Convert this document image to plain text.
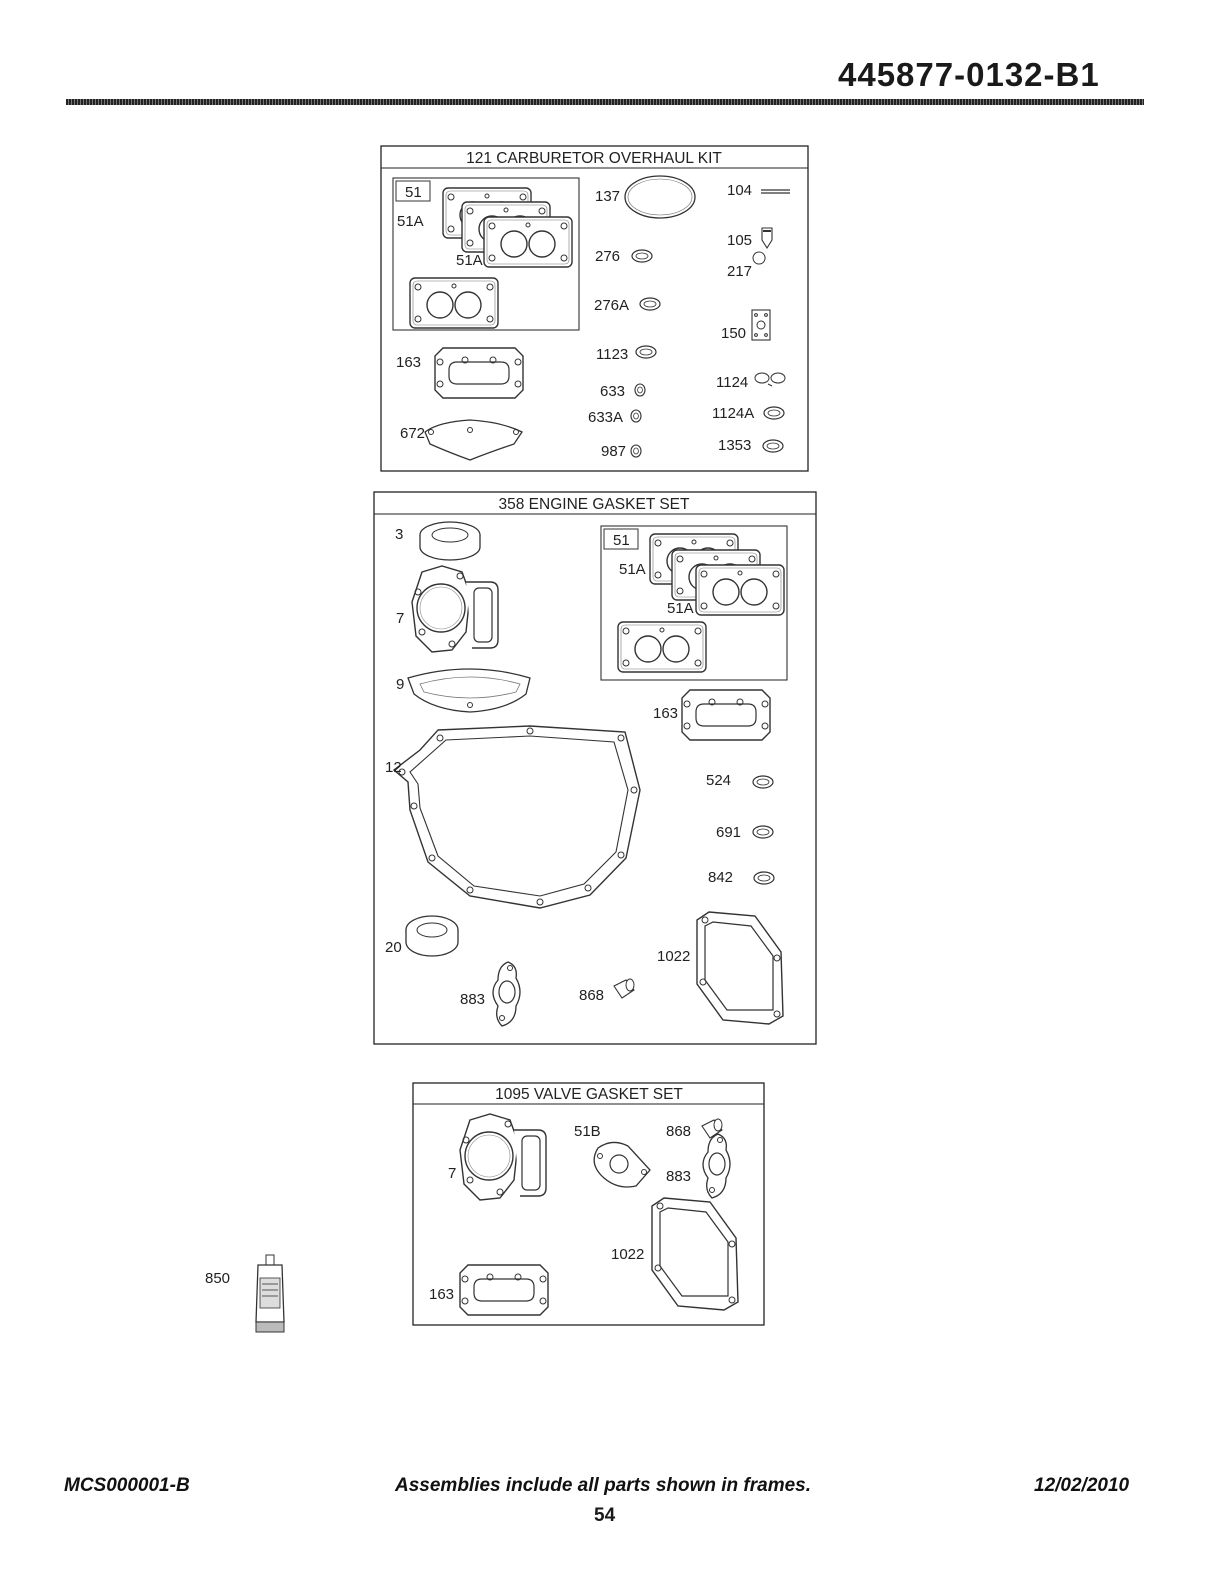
445877-0132-B1
121 CARBURETOR OVERHAUL KIT
51
51A
51A
163
672
137
276
276A
1123
633
633A
987
104
105
217
150
1124
1124A
1353
358 ENGINE GASKET SET
51
3
7
9
12
20
883	868
51A
51A
163
524
691
842
1022
1095 VALVE GASKET SET
7
51B	868
883
1022
163
850
MCS000001-B	Assemblies include all parts shown in frames.	12/02/2010
54
